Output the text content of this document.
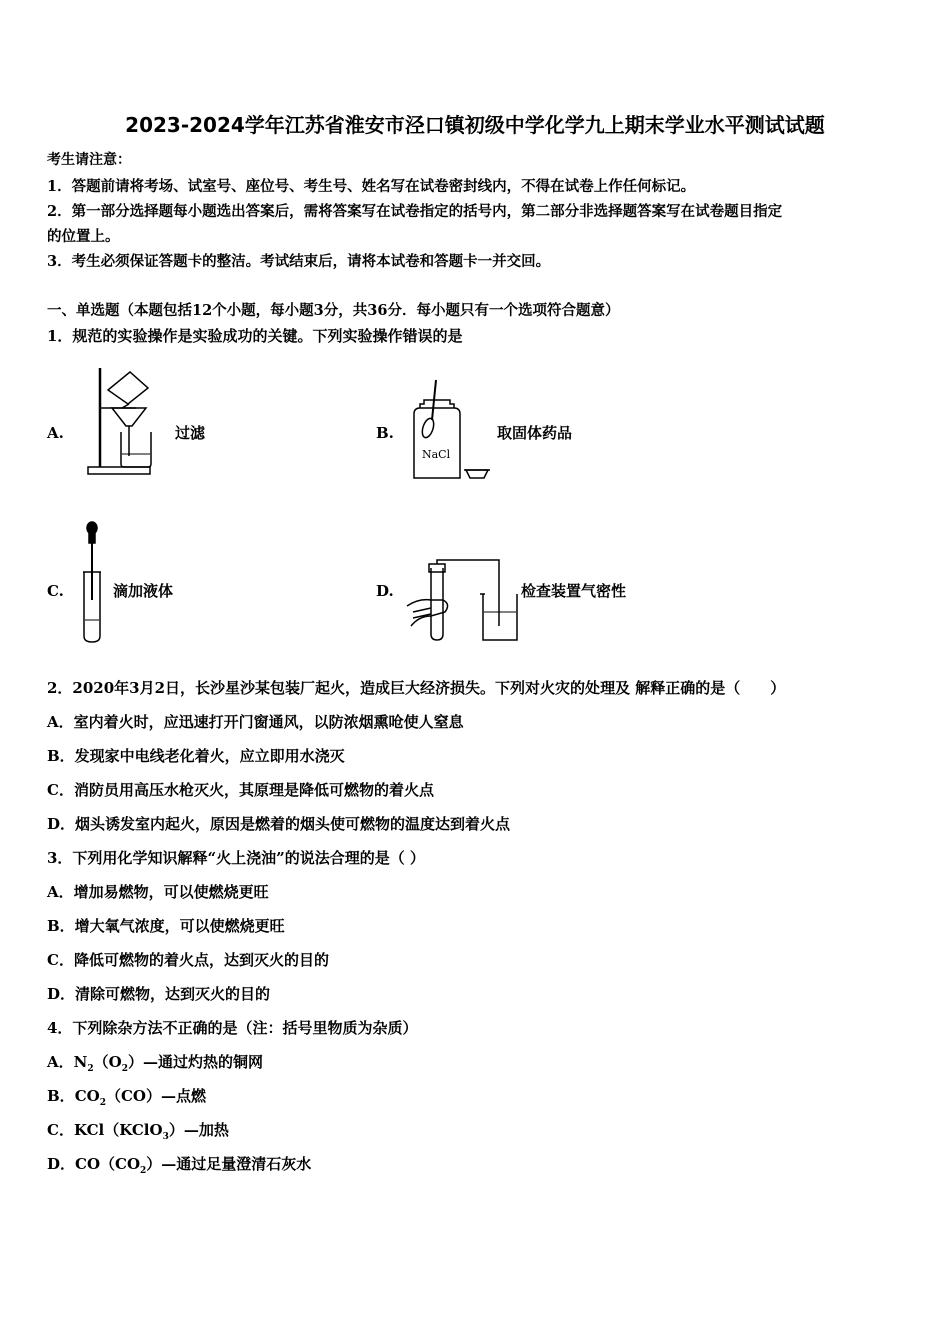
2023-2024学年江苏省淮安市泾口镇初级中学化学九上期末学业水平测试试题
考生请注意：
1．答题前请将考场、试室号、座位号、考生号、姓名写在试卷密封线内，不得在试卷上作任何标记。
2．第一部分选择题每小题选出答案后，需将答案写在试卷指定的括号内，第二部分非选择题答案写在试卷题目指定
的位置上。
3．考生必须保证答题卡的整洁。考试结束后，请将本试卷和答题卡一并交回。
一、单选题（本题包括12个小题，每小题3分，共36分．每小题只有一个选项符合题意）
1．规范的实验操作是实验成功的关键。下列实验操作错误的是
A.	过滤	B.
NaCl
取固体药品
C.	滴加液体	D.	检查装置气密性
2．2020年3月2日，长沙星沙某包装厂起火，造成巨大经济损失。下列对火灾的处理及 解释正确的是（　　）
A．室内着火时，应迅速打开门窗通风，以防浓烟熏呛使人窒息
B．发现家中电线老化着火，应立即用水浇灭
C．消防员用高压水枪灭火，其原理是降低可燃物的着火点
D．烟头诱发室内起火，原因是燃着的烟头使可燃物的温度达到着火点
3．下列用化学知识解释“火上浇油”的说法合理的是（ ）
A．增加易燃物，可以使燃烧更旺
B．增大氧气浓度，可以使燃烧更旺
C．降低可燃物的着火点，达到灭火的目的
D．清除可燃物，达到灭火的目的
4．下列除杂方法不正确的是（注：括号里物质为杂质）
A．$N_2(O_2)—$通过灼热的铜网
B．$CO_2(CO)—$点燃
C．KCl（KClO$_3$）—加热
D．$CO(CO_2)—$通过足量澄清石灰水
